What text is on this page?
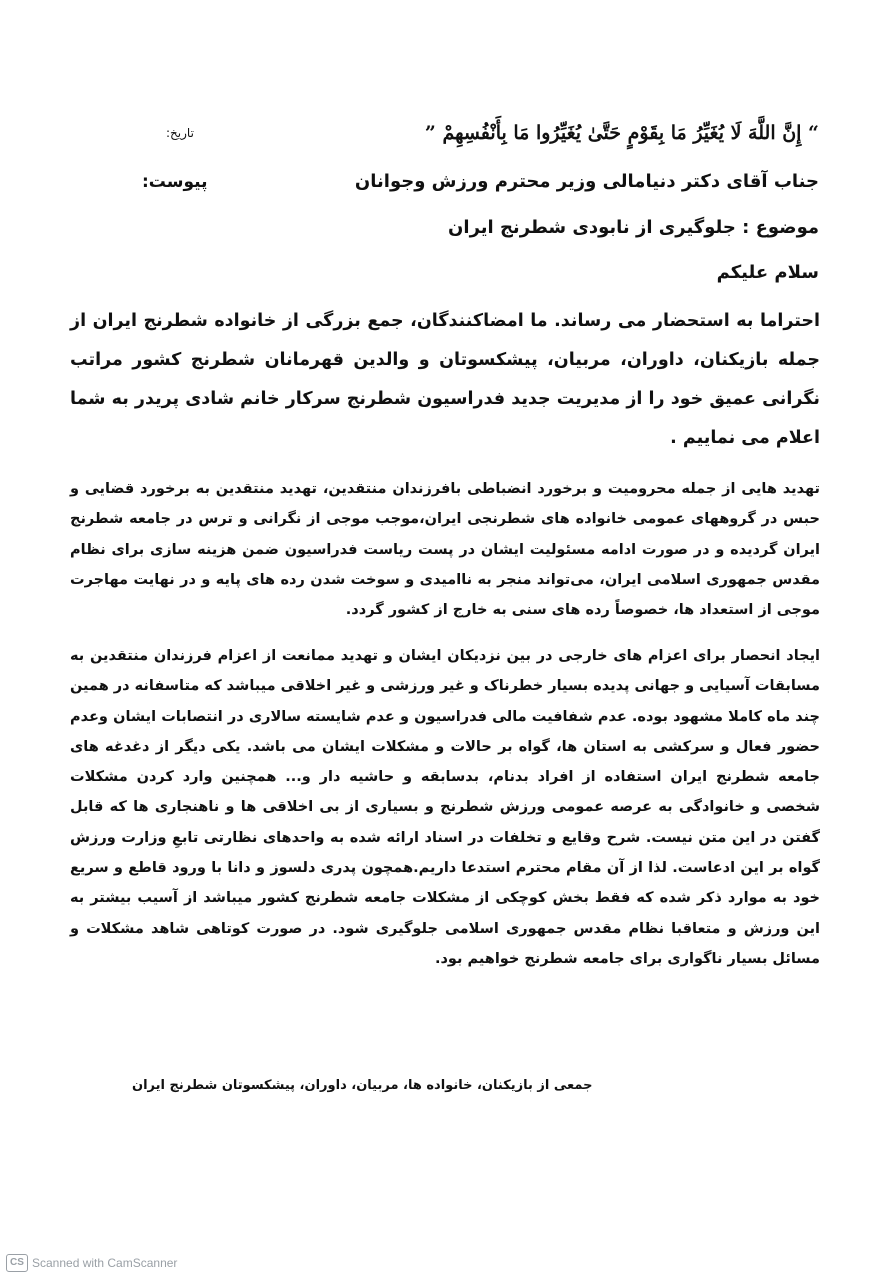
“ إِنَّ اللَّهَ لَا يُغَيِّرُ مَا بِقَوْمٍ حَتَّىٰ يُغَيِّرُوا مَا بِأَنْفُسِهِمْ ”
تاریخ:
جناب آقای دکتر دنیامالی وزیر محترم ورزش وجوانان
پیوست:
موضوع : جلوگیری از نابودی شطرنج ایران
سلام علیکم
احتراما به استحضار می رساند. ما امضاکنندگان، جمع بزرگی از خانواده شطرنج ایران از جمله بازیکنان، داوران، مربیان، پیشکسوتان و والدین قهرمانان شطرنج کشور مراتب نگرانی عمیق خود را از مدیریت جدید فدراسیون شطرنج سرکار خانم شادی پریدر به شما اعلام می نماییم .
تهدید هایی از جمله محرومیت و برخورد انضباطی بافرزندان منتقدین، تهدید منتقدین به برخورد قضایی و حبس در گروههای عمومی خانواده های شطرنجی ایران،موجب موجی از نگرانی و ترس در جامعه شطرنج ایران گردیده و در صورت ادامه مسئولیت ایشان در پست ریاست فدراسیون ضمن هزینه سازی برای نظام مقدس جمهوری اسلامی ایران، می‌تواند منجر به ناامیدی و سوخت شدن رده های پایه و در نهایت مهاجرت موجی از استعداد ها، خصوصاً رده های سنی به خارج از کشور گردد.
ایجاد انحصار برای اعزام های خارجی در بین نزدیکان ایشان و تهدید ممانعت از اعزام فرزندان منتقدین به مسابقات آسیایی و جهانی پدیده بسیار خطرناک و غیر ورزشی و غیر اخلاقی میباشد که متاسفانه در همین چند ماه کاملا مشهود بوده. عدم شفافیت مالی فدراسیون و عدم شایسته سالاری در انتصابات ایشان وعدم حضور فعال و سرکشی به استان ها، گواه بر حالات و مشکلات ایشان می باشد. یکی دیگر از دغدغه های جامعه شطرنج ایران استفاده از افراد بدنام، بدسابقه و حاشیه دار و... همچنین وارد کردن مشکلات شخصی و خانوادگی به عرصه عمومی ورزش شطرنج و بسیاری از بی اخلاقی ها و ناهنجاری ها که قابل گفتن در این متن نیست. شرح وقایع و تخلفات در اسناد ارائه شده به واحدهای نظارتی تابعِ وزارت ورزش گواه بر این ادعاست. لذا از آن مقام محترم استدعا داریم.همچون پدری دلسوز و دانا با ورود قاطع و سریع خود به موارد ذکر شده که فقط بخش کوچکی از مشکلات جامعه شطرنج کشور میباشد از آسیب بیشتر به این ورزش و متعاقبا نظام مقدس جمهوری اسلامی جلوگیری شود. در صورت کوتاهی شاهد مشکلات و مسائل بسیار ناگواری برای جامعه شطرنج خواهیم بود.
جمعی از بازیکنان، خانواده ها، مربیان، داوران، پیشکسوتان شطرنج ایران
CS Scanned with CamScanner
